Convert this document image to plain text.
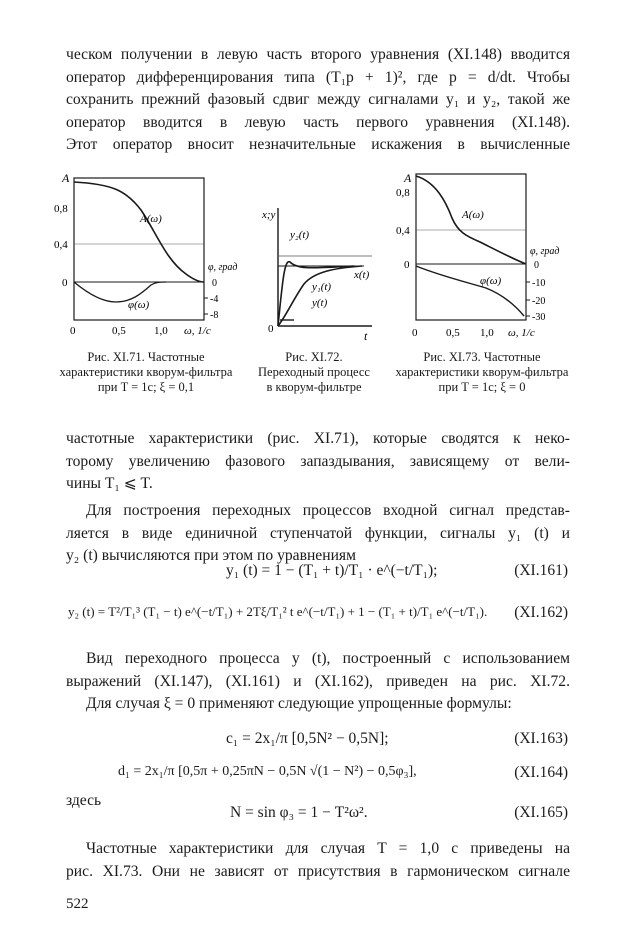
ческом получении в левую часть второго уравнения (XI.148) вводится
оператор дифференцирования типа (T₁p + 1)², где p = d/dt. Чтобы
сохранить прежний фазовый сдвиг между сигналами y₁ и y₂, такой же
оператор вводится в левую часть первого уравнения (XI.148).
Этот оператор вносит незначительные искажения в вычисленные
A
0,8
0,4
0
0	0,5	1,0 ω, 1/c
φ, град
0
-4
-8
A(ω)
φ(ω)
Рис. XI.71. Частотные характеристики кворум-фильтра при T = 1с; ξ = 0,1
x;y
y₂(t)
x(t)
y₁(t)
y(t)
0	t
Рис. XI.72. Переходный процесс в кворум-фильтре
A
0,8
0,4
0
0	0,5 1,0 ω, 1/c
φ, град
0
-10
-20
-30
A(ω)
φ(ω)
Рис. XI.73. Частотные характеристики кворум-фильтра при T = 1с; ξ = 0
частотные характеристики (рис. XI.71), которые сводятся к неко-
торому увеличению фазового запаздывания, зависящему от вели-
чины T₁ ⩽ T.
Для построения переходных процессов входной сигнал представ-
ляется в виде единичной ступенчатой функции, сигналы y₁ (t) и
y₂ (t) вычисляются при этом по уравнениям
y₁ (t) = 1 − (T₁ + t)/T₁ · e^(−t/T₁);	(XI.161)
y₂ (t) = T²/T₁³ (T₁ − t) e^(−t/T₁) + 2Tξ/T₁² t e^(−t/T₁) + 1 − (T₁ + t)/T₁ e^(−t/T₁). (XI.162)
Вид переходного процесса y (t), построенный с использованием
выражений (XI.147), (XI.161) и (XI.162), приведен на рис. XI.72.
Для случая ξ = 0 применяют следующие упрощенные формулы:
c₁ = 2x₁/π [0,5N² − 0,5N];	(XI.163)
d₁ = 2x₁/π [0,5π + 0,25πN − 0,5N √(1 − N²) − 0,5φ₃],	(XI.164)
здесь
N = sin φ₃ = 1 − T²ω².	(XI.165)
Частотные характеристики для случая T = 1,0 с приведены на
рис. XI.73. Они не зависят от присутствия в гармоническом сигнале
522
